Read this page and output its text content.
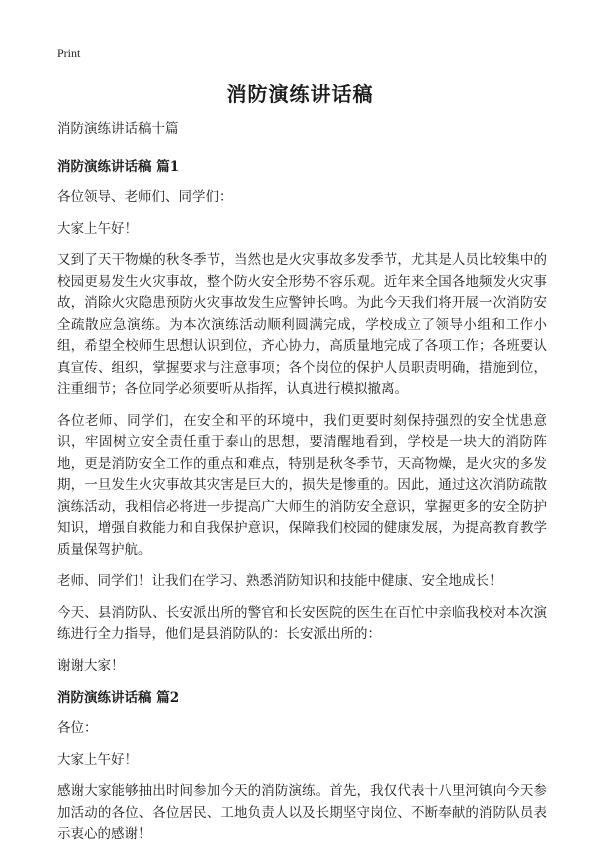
Print
消防演练讲话稿

消防演练讲话稿十篇

消防演练讲话稿 篇1

各位领导、老师们、同学们：

大家上午好！

又到了天干物燥的秋冬季节，当然也是火灾事故多发季节，尤其是人员比较集中的校园更易发生火灾事故，整个防火安全形势不容乐观。近年来全国各地频发火灾事故，消除火灾隐患预防火灾事故发生应警钟长鸣。为此今天我们将开展一次消防安全疏散应急演练。为本次演练活动顺利圆满完成，学校成立了领导小组和工作小组，希望全校师生思想认识到位，齐心协力，高质量地完成了各项工作；各班要认真宣传、组织，掌握要求与注意事项；各个岗位的保护人员职责明确，措施到位，注重细节；各位同学必须要听从指挥，认真进行模拟撤离。

各位老师、同学们，在安全和平的环境中，我们更要时刻保持强烈的安全忧患意识，牢固树立安全责任重于泰山的思想，要清醒地看到，学校是一块大的消防阵地，更是消防安全工作的重点和难点，特别是秋冬季节，天高物燥，是火灾的多发期，一旦发生火灾事故其灾害是巨大的，损失是惨重的。因此，通过这次消防疏散演练活动，我相信必将进一步提高广大师生的消防安全意识，掌握更多的安全防护知识，增强自救能力和自我保护意识，保障我们校园的健康发展，为提高教育教学质量保驾护航。

老师、同学们！让我们在学习、熟悉消防知识和技能中健康、安全地成长！

今天、县消防队、长安派出所的警官和长安医院的医生在百忙中亲临我校对本次演练进行全力指导，他们是县消防队的：长安派出所的：

谢谢大家！

消防演练讲话稿 篇2

各位：

大家上午好！

感谢大家能够抽出时间参加今天的消防演练。首先，我仅代表十八里河镇向今天参加活动的各位、各位居民、工地负责人以及长期坚守岗位、不断奉献的消防队员表示衷心的感谢！
